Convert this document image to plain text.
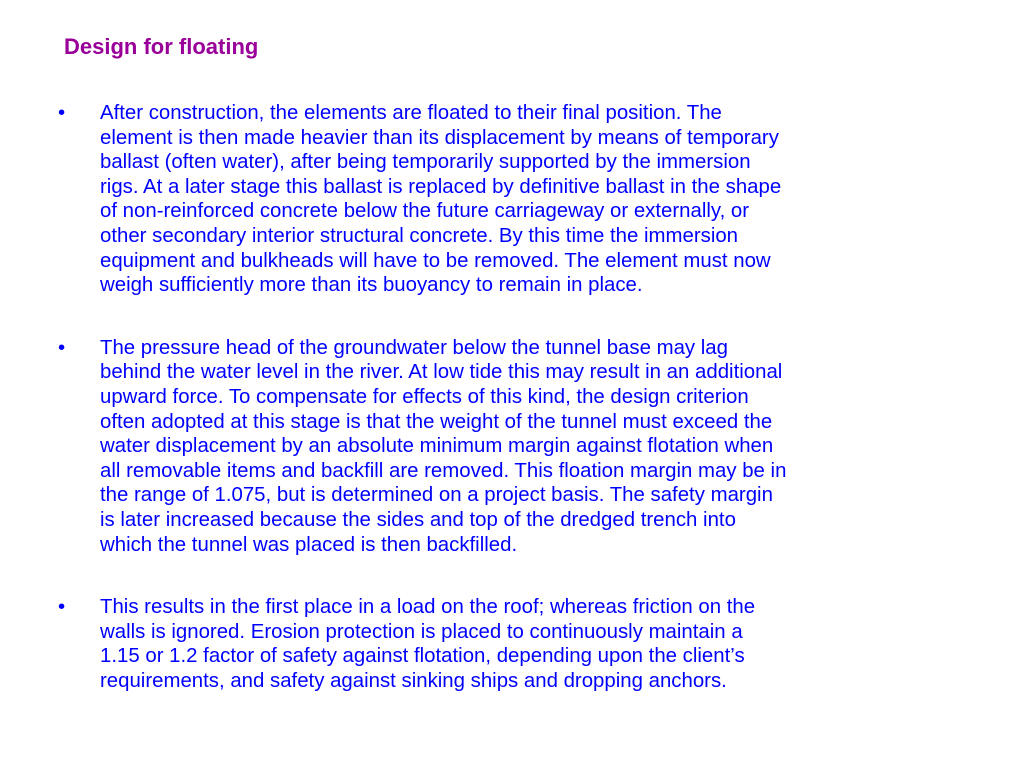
Design for floating
•	After construction, the elements are floated to their final position. The
element is then made heavier than its displacement by means of temporary
ballast (often water), after being temporarily supported by the immersion
rigs. At a later stage this ballast is replaced by definitive ballast in the shape
of non-reinforced concrete below the future carriageway or externally, or
other secondary interior structural concrete. By this time the immersion
equipment and bulkheads will have to be removed. The element must now
weigh sufficiently more than its buoyancy to remain in place.
•	The pressure head of the groundwater below the tunnel base may lag
behind the water level in the river. At low tide this may result in an additional
upward force. To compensate for effects of this kind, the design criterion
often adopted at this stage is that the weight of the tunnel must exceed the
water displacement by an absolute minimum margin against flotation when
all removable items and backfill are removed. This floation margin may be in
the range of 1.075, but is determined on a project basis. The safety margin
is later increased because the sides and top of the dredged trench into
which the tunnel was placed is then backfilled.
•	This results in the first place in a load on the roof; whereas friction on the
walls is ignored. Erosion protection is placed to continuously maintain a
1.15 or 1.2 factor of safety against flotation, depending upon the client’s
requirements, and safety against sinking ships and dropping anchors.
